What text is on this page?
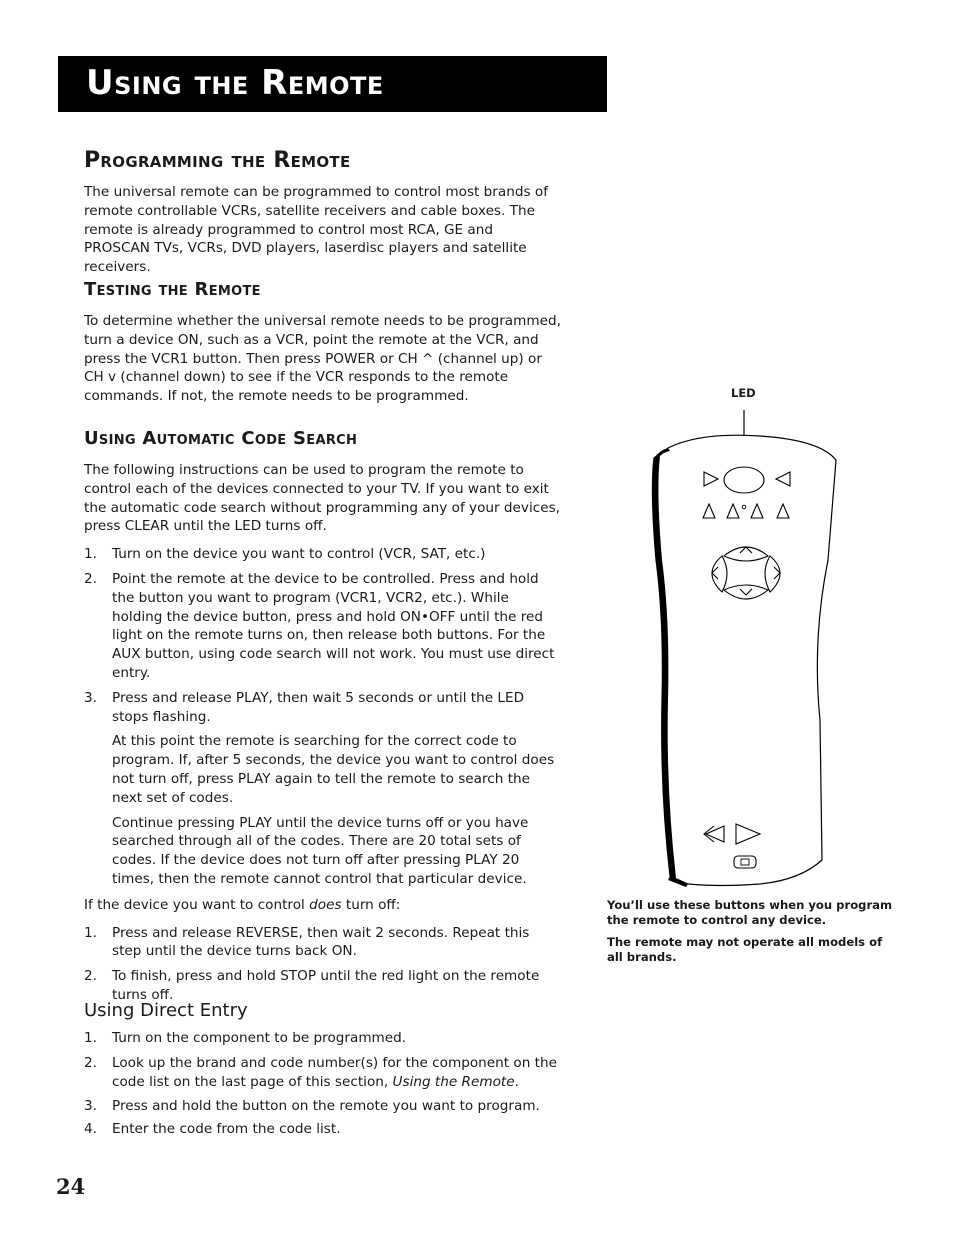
Using the Remote
Programming the Remote

The universal remote can be programmed to control most brands of remote controllable VCRs, satellite receivers and cable boxes. The remote is already programmed to control most RCA, GE and PROSCAN TVs, VCRs, DVD players, laserdisc players and satellite receivers.

Testing the Remote

To determine whether the universal remote needs to be programmed, turn a device ON, such as a VCR, point the remote at the VCR, and press the VCR1 button. Then press POWER or CH ^ (channel up) or CH v (channel down) to see if the VCR responds to the remote commands. If not, the remote needs to be programmed.

Using Automatic Code Search

The following instructions can be used to program the remote to control each of the devices connected to your TV. If you want to exit the automatic code search without programming any of your devices, press CLEAR until the LED turns off.

1. Turn on the device you want to control (VCR, SAT, etc.)
2. Point the remote at the device to be controlled. Press and hold the button you want to program (VCR1, VCR2, etc.). While holding the device button, press and hold ON•OFF until the red light on the remote turns on, then release both buttons. For the AUX button, using code search will not work. You must use direct entry.
3. Press and release PLAY, then wait 5 seconds or until the LED stops flashing.

At this point the remote is searching for the correct code to program. If, after 5 seconds, the device you want to control does not turn off, press PLAY again to tell the remote to search the next set of codes.

Continue pressing PLAY until the device turns off or you have searched through all of the codes. There are 20 total sets of codes. If the device does not turn off after pressing PLAY 20 times, then the remote cannot control that particular device.

If the device you want to control does turn off:

1. Press and release REVERSE, then wait 2 seconds. Repeat this step until the device turns back ON.
2. To finish, press and hold STOP until the red light on the remote turns off.
Using Direct Entry
1. Turn on the component to be programmed.
2. Look up the brand and code number(s) for the component on the code list on the last page of this section, Using the Remote.
3. Press and hold the button on the remote you want to program.
4. Enter the code from the code list.
24
LED

You’ll use these buttons when you program the remote to control any device.

The remote may not operate all models of all brands.
